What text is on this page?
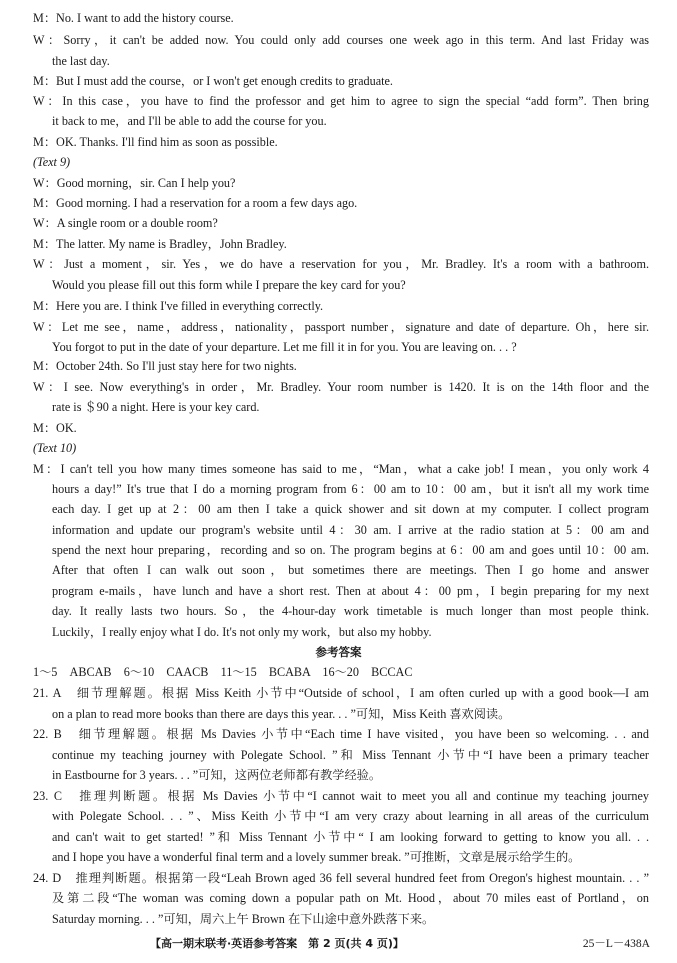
M：No. I want to add the history course.
W：Sorry，it can't be added now. You could only add courses one week ago in this term. And last Friday was
the last day.
M：But I must add the course，or I won't get enough credits to graduate.
W：In this case，you have to find the professor and get him to agree to sign the special “add form”. Then bring
it back to me，and I'll be able to add the course for you.
M：OK. Thanks. I'll find him as soon as possible.
(Text 9)
W：Good morning，sir. Can I help you?
M：Good morning. I had a reservation for a room a few days ago.
W：A single room or a double room?
M：The latter. My name is Bradley，John Bradley.
W：Just a moment，sir. Yes，we do have a reservation for you，Mr. Bradley. It's a room with a bathroom.
Would you please fill out this form while I prepare the key card for you?
M：Here you are. I think I've filled in everything correctly.
W：Let me see，name，address，nationality，passport number，signature and date of departure. Oh，here sir.
You forgot to put in the date of your departure. Let me fill it in for you. You are leaving on. . . ?
M：October 24th. So I'll just stay here for two nights.
W：I see. Now everything's in order，Mr. Bradley. Your room number is 1420. It is on the 14th floor and the
rate is ＄90 a night. Here is your key card.
M：OK.
(Text 10)
M：I can't tell you how many times someone has said to me，“Man，what a cake job! I mean，you only work 4
hours a day!” It's true that I do a morning program from 6：00 am to 10：00 am，but it isn't all my work time
each day. I get up at 2：00 am then I take a quick shower and sit down at my computer. I collect program
information and update our program's website until 4：30 am. I arrive at the radio station at 5：00 am and
spend the next hour preparing，recording and so on. The program begins at 6：00 am and goes until 10：00 am.
After that often I can walk out soon，but sometimes there are meetings. Then I go home and answer
program e-mails，have lunch and have a short rest. Then at about 4：00 pm，I begin preparing for my next
day. It really lasts two hours. So，the 4-hour-day work timetable is much longer than most people think.
Luckily，I really enjoy what I do. It's not only my work，but also my hobby.
参考答案
1～5　ABCAB　6～10　CAACB　11～15　BCABA　16～20　BCCAC
21. A　细节理解题。根据 Miss Keith 小节中“Outside of school，I am often curled up with a good book—I am
on a plan to read more books than there are days this year. . . ”可知，Miss Keith 喜欢阅读。
22. B　细节理解题。根据 Ms Davies 小节中“Each time I have visited，you have been so welcoming. . . and
continue my teaching journey with Polegate School. ”和 Miss Tennant 小节中“I have been a primary teacher
in Eastbourne for 3 years. . . ”可知，这两位老师都有教学经验。
23. C　推理判断题。根据 Ms Davies 小节中“I cannot wait to meet you all and continue my teaching journey
with Polegate School. . . ”、Miss Keith 小节中“I am very crazy about learning in all areas of the curriculum
and can't wait to get started! ”和 Miss Tennant 小节中“ I am looking forward to getting to know you all. . .
and I hope you have a wonderful final term and a lovely summer break. ”可推断，文章是展示给学生的。
24. D　推理判断题。根据第一段“Leah Brown aged 36 fell several hundred feet from Oregon's highest mountain. . . ”
及第二段“The woman was coming down a popular path on Mt. Hood，about 70 miles east of Portland，on
Saturday morning. . . ”可知，周六上午 Brown 在下山途中意外跌落下来。
【高一期末联考·英语参考答案　第 2 页(共 4 页)】	25－L－438A
